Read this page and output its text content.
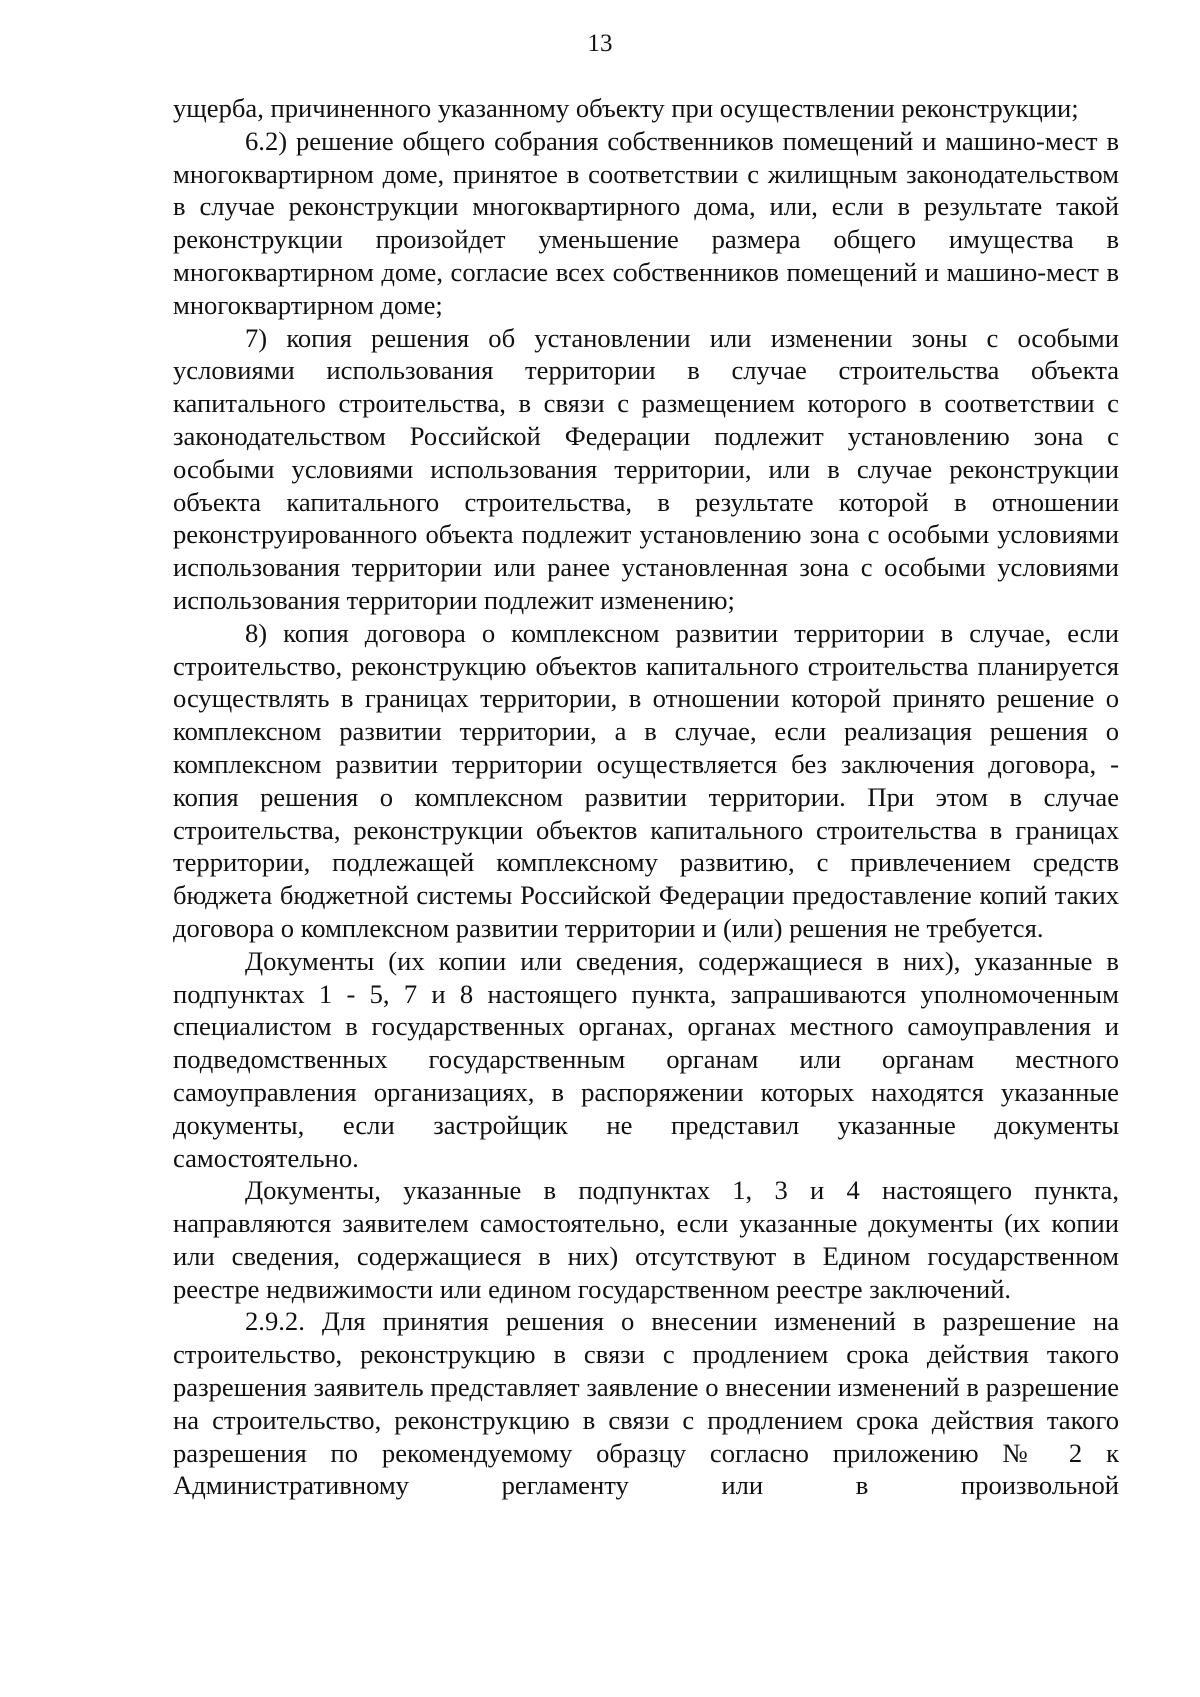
13

ущерба, причиненного указанному объекту при осуществлении реконструкции;

6.2) решение общего собрания собственников помещений и машино-мест в многоквартирном доме, принятое в соответствии с жилищным законодательством в случае реконструкции многоквартирного дома, или, если в результате такой реконструкции произойдет уменьшение размера общего имущества в многоквартирном доме, согласие всех собственников помещений и машино-мест в многоквартирном доме;

7) копия решения об установлении или изменении зоны с особыми условиями использования территории в случае строительства объекта капитального строительства, в связи с размещением которого в соответствии с законодательством Российской Федерации подлежит установлению зона с особыми условиями использования территории, или в случае реконструкции объекта капитального строительства, в результате которой в отношении реконструированного объекта подлежит установлению зона с особыми условиями использования территории или ранее установленная зона с особыми условиями использования территории подлежит изменению;

8) копия договора о комплексном развитии территории в случае, если строительство, реконструкцию объектов капитального строительства планируется осуществлять в границах территории, в отношении которой принято решение о комплексном развитии территории, а в случае, если реализация решения о комплексном развитии территории осуществляется без заключения договора, - копия решения о комплексном развитии территории. При этом в случае строительства, реконструкции объектов капитального строительства в границах территории, подлежащей комплексному развитию, с привлечением средств бюджета бюджетной системы Российской Федерации предоставление копий таких договора о комплексном развитии территории и (или) решения не требуется.

Документы (их копии или сведения, содержащиеся в них), указанные в подпунктах 1 - 5, 7 и 8 настоящего пункта, запрашиваются уполномоченным специалистом в государственных органах, органах местного самоуправления и подведомственных государственным органам или органам местного самоуправления организациях, в распоряжении которых находятся указанные документы, если застройщик не представил указанные документы самостоятельно.

Документы, указанные в подпунктах 1, 3 и 4 настоящего пункта, направляются заявителем самостоятельно, если указанные документы (их копии или сведения, содержащиеся в них) отсутствуют в Едином государственном реестре недвижимости или едином государственном реестре заключений.

2.9.2. Для принятия решения о внесении изменений в разрешение на строительство, реконструкцию в связи с продлением срока действия такого разрешения заявитель представляет заявление о внесении изменений в разрешение на строительство, реконструкцию в связи с продлением срока действия такого разрешения по рекомендуемому образцу согласно приложению № 2 к Административному регламенту или в произвольной
